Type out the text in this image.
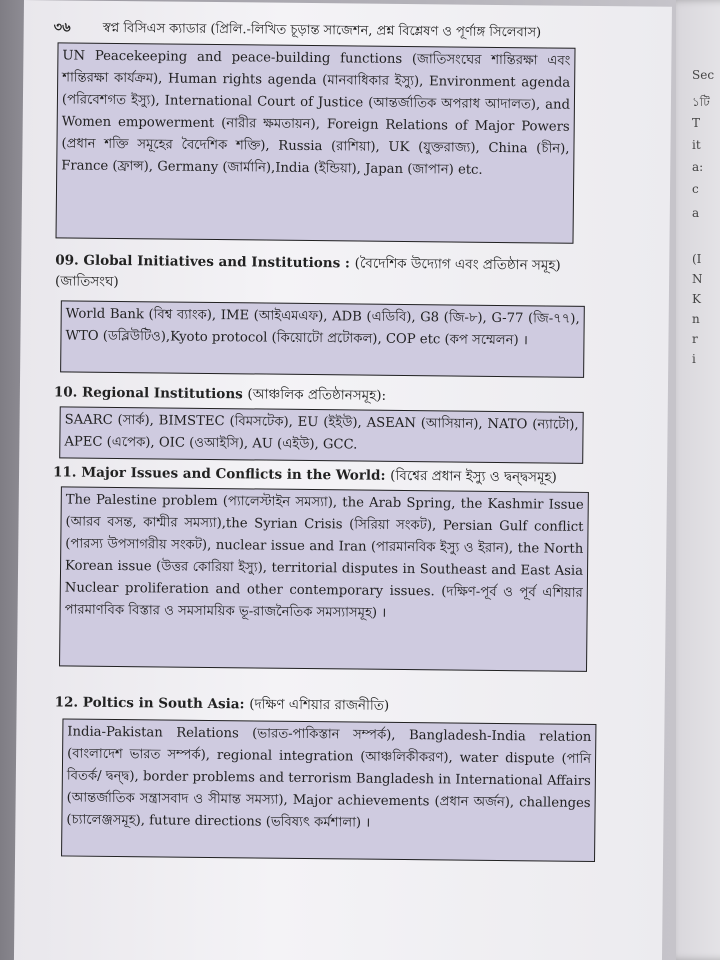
Sec
১টি
T
it
a:
c
a
(I
N
K
n
r
i
৩৬ স্বপ্ন বিসিএস ক্যাডার (প্রিলি.-লিখিত চূড়ান্ত সাজেশন, প্রশ্ন বিশ্লেষণ ও পূর্ণাঙ্গ সিলেবাস)
UN Peacekeeping and peace-building functions (জাতিসংঘের শান্তিরক্ষা এবং শান্তিরক্ষা কার্যক্রম), Human rights agenda (মানবাধিকার ইস্যু), Environment agenda (পরিবেশগত ইস্যু), International Court of Justice (আন্তর্জাতিক অপরাধ আদালত), and Women empowerment (নারীর ক্ষমতায়ন), Foreign Relations of Major Powers (প্রধান শক্তি সমূহের বৈদেশিক শক্তি), Russia (রাশিয়া), UK (যুক্তরাজ্য), China (চীন), France (ফ্রান্স), Germany (জার্মানি),India (ইন্ডিয়া), Japan (জাপান) etc.
09. Global Initiatives and Institutions : (বৈদেশিক উদ্যোগ এবং প্রতিষ্ঠান সমূহ) (জাতিসংঘ)
World Bank (বিশ্ব ব্যাংক), IME (আইএমএফ), ADB (এডিবি), G8 (জি-৮), G-77 (জি-৭৭), WTO (ডব্লিউটিও),Kyoto protocol (কিয়োটো প্রটোকল), COP etc (কপ সম্মেলন) ।
10. Regional Institutions (আঞ্চলিক প্রতিষ্ঠানসমূহ):
SAARC (সার্ক), BIMSTEC (বিমসটেক), EU (ইইউ), ASEAN (আসিয়ান), NATO (ন্যাটো), APEC (এপেক), OIC (ওআইসি), AU (এইউ), GCC.
11. Major Issues and Conflicts in the World: (বিশ্বের প্রধান ইস্যু ও দ্বন্দ্বসমূহ)
The Palestine problem (প্যালেস্টাইন সমস্যা), the Arab Spring, the Kashmir Issue (আরব বসন্ত, কাশ্মীর সমস্যা),the Syrian Crisis (সিরিয়া সংকট), Persian Gulf conflict (পারস্য উপসাগরীয় সংকট), nuclear issue and Iran (পারমানবিক ইস্যু ও ইরান), the North Korean issue (উত্তর কোরিয়া ইস্যু), territorial disputes in Southeast and East Asia Nuclear proliferation and other contemporary issues. (দক্ষিণ-পূর্ব ও পূর্ব এশিয়ার পারমাণবিক বিস্তার ও সমসাময়িক ভূ-রাজনৈতিক সমস্যাসমূহ) ।
12. Poltics in South Asia: (দক্ষিণ এশিয়ার রাজনীতি)
India-Pakistan Relations (ভারত-পাকিস্তান সম্পর্ক), Bangladesh-India relation (বাংলাদেশ ভারত সম্পর্ক), regional integration (আঞ্চলিকীকরণ), water dispute (পানি বিতর্ক/ দ্বন্দ্ব), border problems and terrorism Bangladesh in International Affairs (আন্তর্জাতিক সন্ত্রাসবাদ ও সীমান্ত সমস্যা), Major achievements (প্রধান অর্জন), challenges (চ্যালেঞ্জসমূহ), future directions (ভবিষ্যৎ কর্মশালা) ।
